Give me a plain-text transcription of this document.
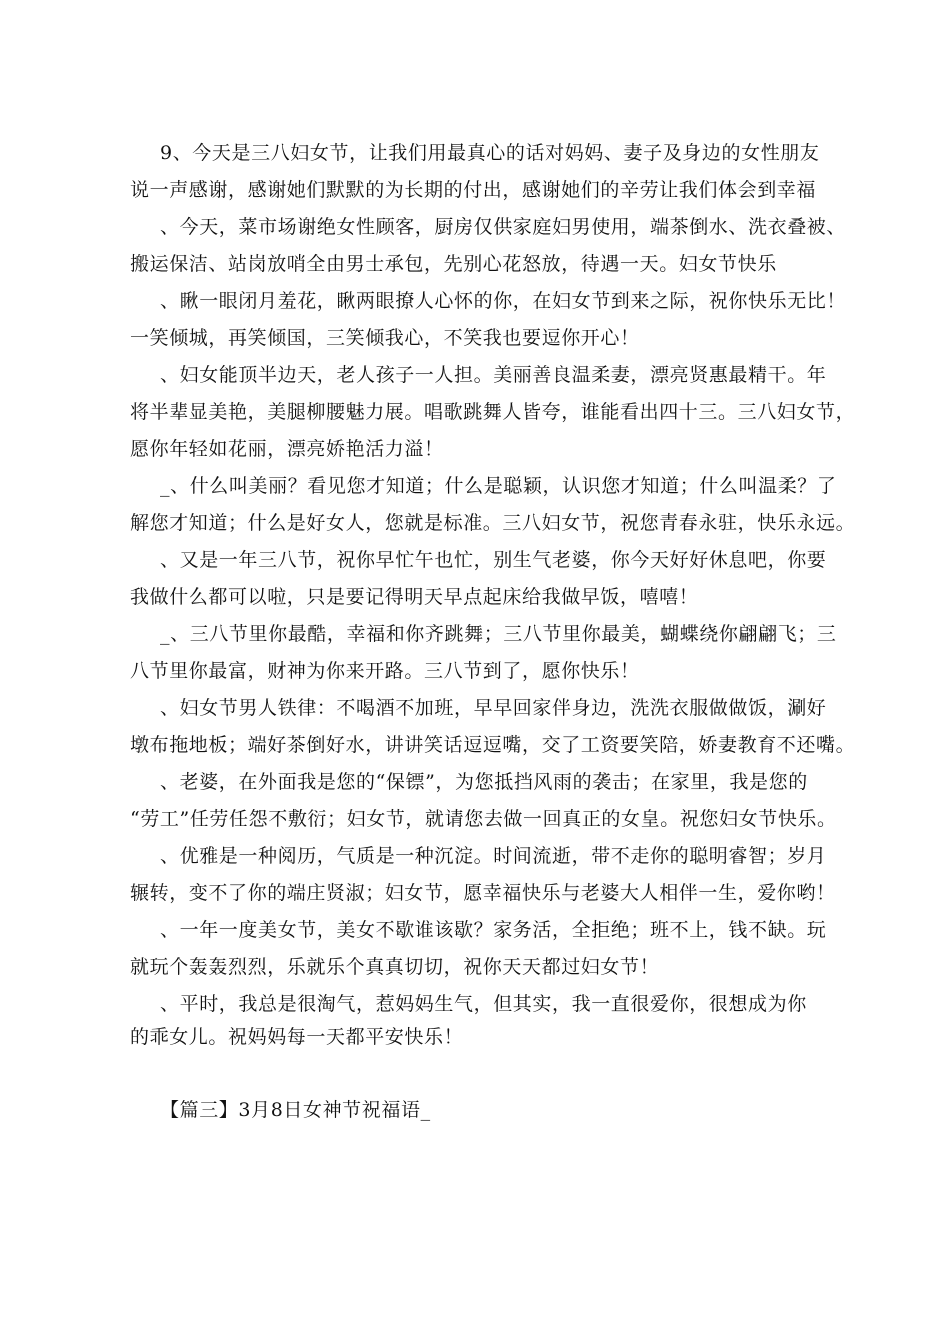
9、今天是三八妇女节，让我们用最真心的话对妈妈、妻子及身边的女性朋友
说一声感谢，感谢她们默默的为长期的付出，感谢她们的辛劳让我们体会到幸福
、今天，菜市场谢绝女性顾客，厨房仅供家庭妇男使用，端茶倒水、洗衣叠被、
搬运保洁、站岗放哨全由男士承包，先别心花怒放，待遇一天。妇女节快乐
、瞅一眼闭月羞花，瞅两眼撩人心怀的你，在妇女节到来之际，祝你快乐无比！
一笑倾城，再笑倾国，三笑倾我心，不笑我也要逗你开心！
、妇女能顶半边天，老人孩子一人担。美丽善良温柔妻，漂亮贤惠最精干。年
将半辈显美艳，美腿柳腰魅力展。唱歌跳舞人皆夸，谁能看出四十三。三八妇女节，
愿你年轻如花丽，漂亮娇艳活力溢！
_、什么叫美丽？看见您才知道；什么是聪颖，认识您才知道；什么叫温柔？了
解您才知道；什么是好女人，您就是标准。三八妇女节，祝您青春永驻，快乐永远。
、又是一年三八节，祝你早忙午也忙，别生气老婆，你今天好好休息吧，你要
我做什么都可以啦，只是要记得明天早点起床给我做早饭，嘻嘻！
_、三八节里你最酷，幸福和你齐跳舞；三八节里你最美，蝴蝶绕你翩翩飞；三
八节里你最富，财神为你来开路。三八节到了，愿你快乐！
、妇女节男人铁律：不喝酒不加班，早早回家伴身边，洗洗衣服做做饭，涮好
墩布拖地板；端好茶倒好水，讲讲笑话逗逗嘴，交了工资要笑陪，娇妻教育不还嘴。
、老婆，在外面我是您的“保镖”，为您抵挡风雨的袭击；在家里，我是您的
“劳工”任劳任怨不敷衍；妇女节，就请您去做一回真正的女皇。祝您妇女节快乐。
、优雅是一种阅历，气质是一种沉淀。时间流逝，带不走你的聪明睿智；岁月
辗转，变不了你的端庄贤淑；妇女节，愿幸福快乐与老婆大人相伴一生，爱你哟！
、一年一度美女节，美女不歇谁该歇？家务活，全拒绝；班不上，钱不缺。玩
就玩个轰轰烈烈，乐就乐个真真切切，祝你天天都过妇女节！
、平时，我总是很淘气，惹妈妈生气，但其实，我一直很爱你，很想成为你
的乖女儿。祝妈妈每一天都平安快乐！
【篇三】3月8日女神节祝福语_
